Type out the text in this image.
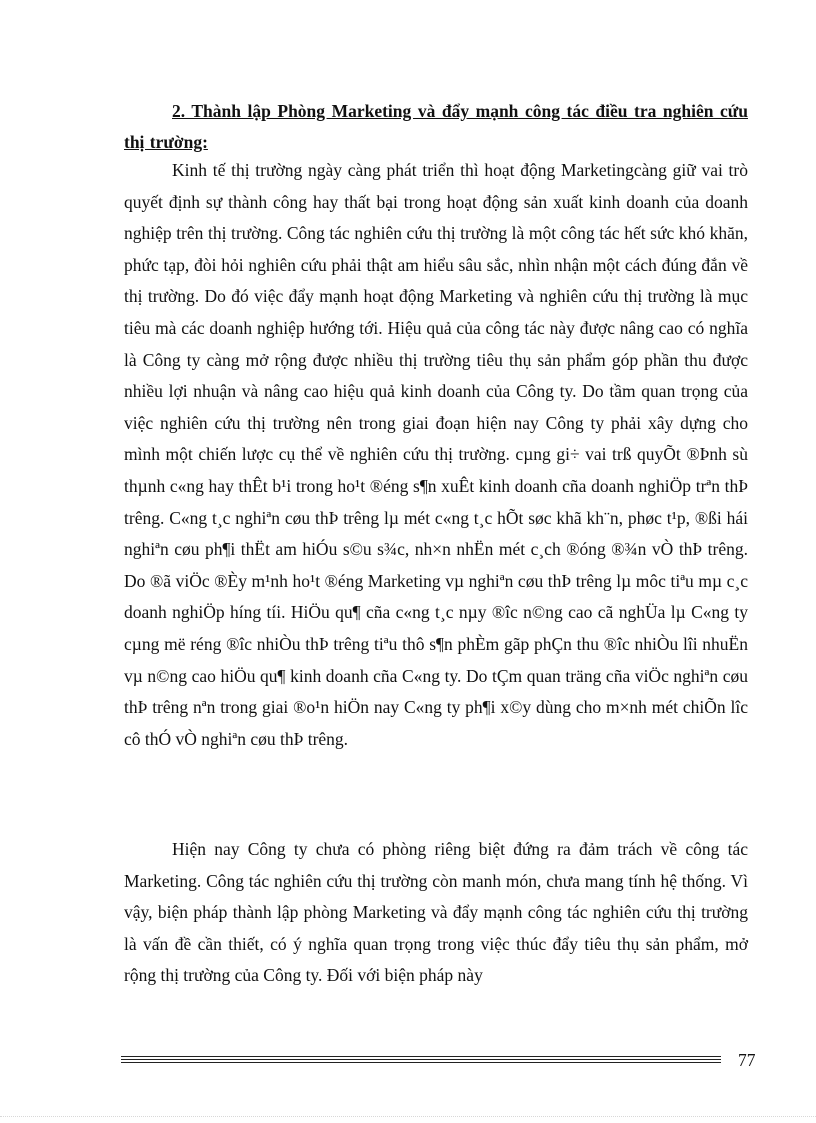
2. Thành lập Phòng Marketing và đẩy mạnh công tác điều tra nghiên cứu thị trường:

Kinh tế thị trường ngày càng phát triển thì hoạt động Marketingcàng giữ vai trò quyết định sự thành công hay thất bại trong hoạt động sản xuất kinh doanh của doanh nghiệp trên thị trường. Công tác nghiên cứu thị trường là một công tác hết sức khó khăn, phức tạp, đòi hỏi nghiên cứu phải thật am hiểu sâu sắc, nhìn nhận một cách đúng đắn về thị trường. Do đó việc đẩy mạnh hoạt động Marketing và nghiên cứu thị trường là mục tiêu mà các doanh nghiệp hướng tới. Hiệu quả của công tác này được nâng cao có nghĩa là Công ty càng mở rộng được nhiều thị trường tiêu thụ sản phẩm góp phần thu được nhiều lợi nhuận và nâng cao hiệu quả kinh doanh của Công ty. Do tầm quan trọng của việc nghiên cứu thị trường nên trong giai đoạn hiện nay Công ty phải xây dựng cho mình một chiến lược cụ thể về nghiên cứu thị trường. cµng gi÷ vai trß quyÕt ®Þnh sù thµnh c«ng hay thÊt b¹i trong ho¹t ®éng s¶n xuÊt kinh doanh cña doanh nghiÖp trªn thÞ trêng. C«ng t¸c nghiªn cøu thÞ trêng lµ mét c«ng t¸c hÕt søc khã kh¨n, phøc t¹p, ®ßi hái nghiªn cøu ph¶i thËt am hiÓu s©u s¾c, nh×n nhËn mét c¸ch ®óng ®¾n vÒ thÞ trêng. Do ®ã viÖc ®Èy m¹nh ho¹t ®éng Marketing vµ nghiªn cøu thÞ trêng lµ môc tiªu mµ c¸c doanh nghiÖp híng tíi. HiÖu qu¶ cña c«ng t¸c nµy ®îc n©ng cao cã nghÜa lµ C«ng ty cµng më réng ®îc nhiÒu thÞ trêng tiªu thô s¶n phÈm gãp phÇn thu ®îc nhiÒu lîi nhuËn vµ n©ng cao hiÖu qu¶ kinh doanh cña C«ng ty. Do tÇm quan träng cña viÖc nghiªn cøu thÞ trêng nªn trong giai ®o¹n hiÖn nay C«ng ty ph¶i x©y dùng cho m×nh mét chiÕn lîc cô thÓ vÒ nghiªn cøu thÞ trêng.

Hiện nay Công ty chưa có phòng riêng biệt đứng ra đảm trách về công tác Marketing. Công tác nghiên cứu thị trường còn manh món, chưa mang tính hệ thống. Vì vậy, biện pháp thành lập phòng Marketing và đẩy mạnh công tác nghiên cứu thị trường là vấn đề cần thiết, có ý nghĩa quan trọng trong việc thúc đẩy tiêu thụ sản phẩm, mở rộng thị trường của Công ty. Đối với biện pháp này

77
